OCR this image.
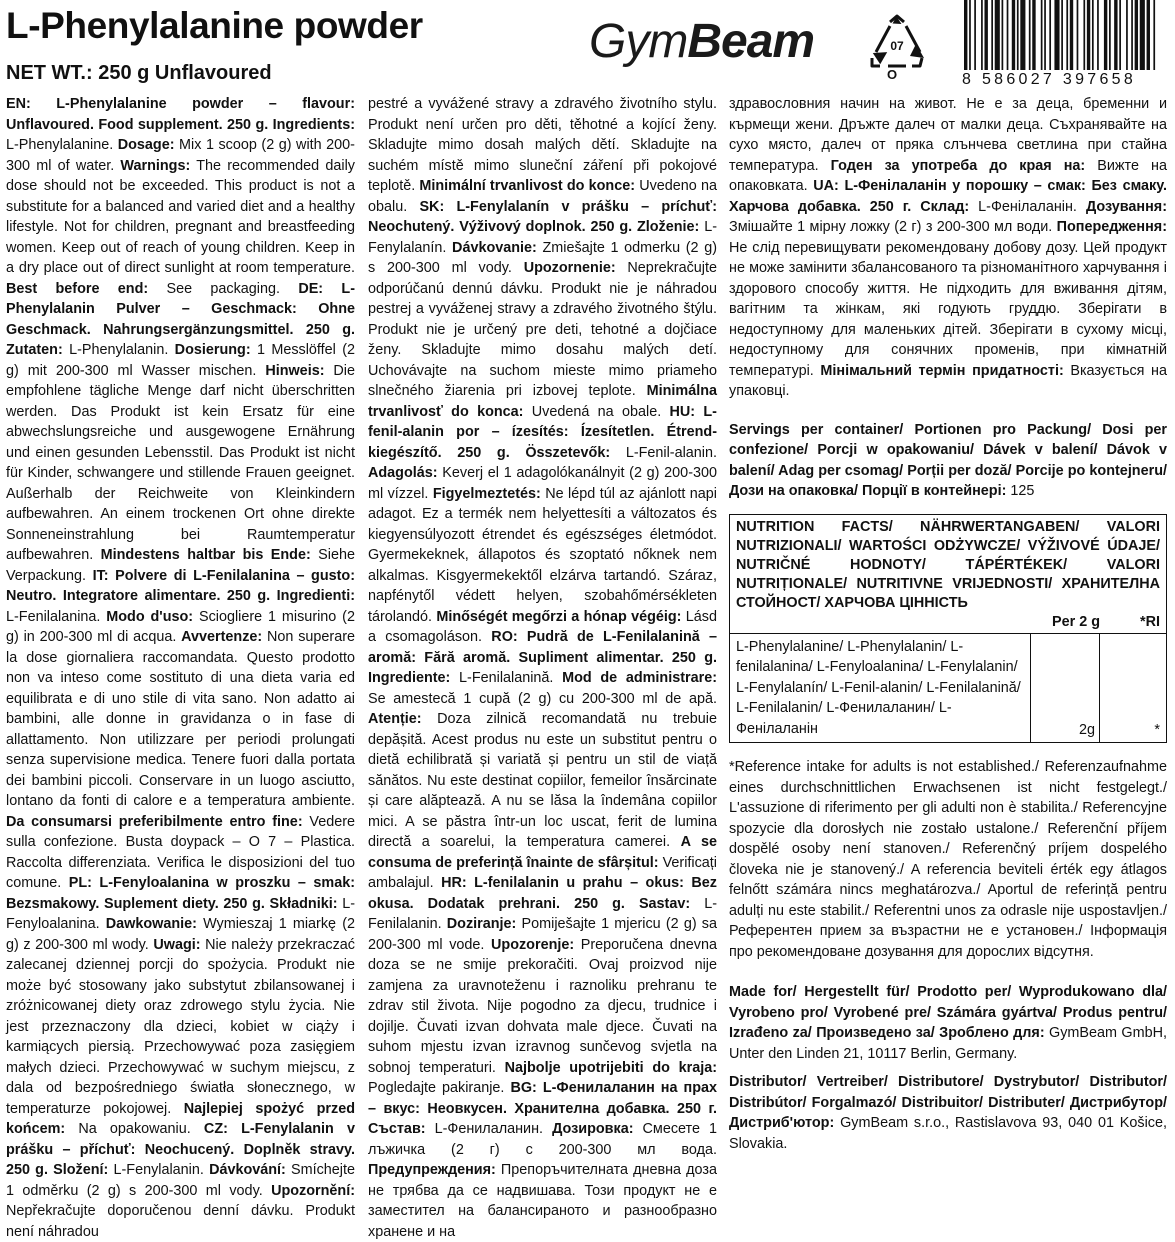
L-Phenylalanine powder
NET WT.: 250 g Unflavoured
GymBeam	07
O	8 586027 397658

EN: L-Phenylalanine powder – flavour: Unflavoured. Food supplement. 250 g. Ingredients: L-Phenylalanine. Dosage: Mix 1 scoop (2 g) with 200-300 ml of water. Warnings: The recommended daily dose should not be exceeded. This product is not a substitute for a balanced and varied diet and a healthy lifestyle. Not for children, pregnant and breastfeeding women. Keep out of reach of young children. Keep in a dry place out of direct sunlight at room temperature. Best before end: See packaging. DE: L-Phenylalanin Pulver – Geschmack: Ohne Geschmack. Nahrungsergänzungsmittel. 250 g. Zutaten: L-Phenylalanin. Dosierung: 1 Messlöffel (2 g) mit 200-300 ml Wasser mischen. Hinweis: Die empfohlene tägliche Menge darf nicht überschritten werden. Das Produkt ist kein Ersatz für eine abwechslungsreiche und ausgewogene Ernährung und einen gesunden Lebensstil. Das Produkt ist nicht für Kinder, schwangere und stillende Frauen geeignet. Außerhalb der Reichweite von Kleinkindern aufbewahren. An einem trockenen Ort ohne direkte Sonneneinstrahlung bei Raumtemperatur aufbewahren. Mindestens haltbar bis Ende: Siehe Verpackung. IT: Polvere di L-Fenilalanina – gusto: Neutro. Integratore alimentare. 250 g. Ingredienti: L-Fenilalanina. Modo d'uso: Sciogliere 1 misurino (2 g) in 200-300 ml di acqua. Avvertenze: Non superare la dose giornaliera raccomandata. Questo prodotto non va inteso come sostituto di una dieta varia ed equilibrata e di uno stile di vita sano. Non adatto ai bambini, alle donne in gravidanza o in fase di allattamento. Non utilizzare per periodi prolungati senza supervisione medica. Tenere fuori dalla portata dei bambini piccoli. Conservare in un luogo asciutto, lontano da fonti di calore e a temperatura ambiente. Da consumarsi preferibilmente entro fine: Vedere sulla confezione. Busta doypack – O 7 – Plastica. Raccolta differenziata. Verifica le disposizioni del tuo comune. PL: L-Fenyloalanina w proszku – smak: Bezsmakowy. Suplement diety. 250 g. Składniki: L-Fenyloalanina. Dawkowanie: Wymieszaj 1 miarkę (2 g) z 200-300 ml wody. Uwagi: Nie należy przekraczać zalecanej dziennej porcji do spożycia. Produkt nie może być stosowany jako substytut zbilansowanej i zróżnicowanej diety oraz zdrowego stylu życia. Nie jest przeznaczony dla dzieci, kobiet w ciąży i karmiących piersią. Przechowywać poza zasięgiem małych dzieci. Przechowywać w suchym miejscu, z dala od bezpośredniego światła słonecznego, w temperaturze pokojowej. Najlepiej spożyć przed końcem: Na opakowaniu. CZ: L-Fenylalanin v prášku – příchuť: Neochucený. Doplněk stravy. 250 g. Složení: L-Fenylalanin. Dávkování: Smíchejte 1 odměrku (2 g) s 200-300 ml vody. Upozornění: Nepřekračujte doporučenou denní dávku. Produkt není náhradou

pestré a vyvážené stravy a zdravého životního stylu. Produkt není určen pro děti, těhotné a kojící ženy. Skladujte mimo dosah malých dětí. Skladujte na suchém místě mimo sluneční záření při pokojové teplotě. Minimální trvanlivost do konce: Uvedeno na obalu. SK: L-Fenylalanín v prášku – príchuť: Neochutený. Výživový doplnok. 250 g. Zloženie: L-Fenylalanín. Dávkovanie: Zmiešajte 1 odmerku (2 g) s 200-300 ml vody. Upozornenie: Neprekračujte odporúčanú dennú dávku. Produkt nie je náhradou pestrej a vyváženej stravy a zdravého životného štýlu. Produkt nie je určený pre deti, tehotné a dojčiace ženy. Skladujte mimo dosahu malých detí. Uchovávajte na suchom mieste mimo priameho slnečného žiarenia pri izbovej teplote. Minimálna trvanlivosť do konca: Uvedená na obale. HU: L-fenil-alanin por – ízesítés: Ízesítetlen. Étrend-kiegészítő. 250 g. Összetevők: L-Fenil-alanin. Adagolás: Keverj el 1 adagolókanálnyit (2 g) 200-300 ml vízzel. Figyelmeztetés: Ne lépd túl az ajánlott napi adagot. Ez a termék nem helyettesíti a változatos és kiegyensúlyozott étrendet és egészséges életmódot. Gyermekeknek, állapotos és szoptató nőknek nem alkalmas. Kisgyermekektől elzárva tartandó. Száraz, napfénytől védett helyen, szobahőmérsékleten tárolandó. Minőségét megőrzi a hónap végéig: Lásd a csomagoláson. RO: Pudră de L-Fenilalanină – aromă: Fără aromă. Supliment alimentar. 250 g. Ingrediente: L-Fenilalanină. Mod de administrare: Se amestecă 1 cupă (2 g) cu 200-300 ml de apă. Atenție: Doza zilnică recomandată nu trebuie depășită. Acest produs nu este un substitut pentru o dietă echilibrată și variată și pentru un stil de viață sănătos. Nu este destinat copiilor, femeilor însărcinate și care alăptează. A nu se lăsa la îndemâna copiilor mici. A se păstra într-un loc uscat, ferit de lumina directă a soarelui, la temperatura camerei. A se consuma de preferință înainte de sfârșitul: Verificați ambalajul. HR: L-fenilalanin u prahu – okus: Bez okusa. Dodatak prehrani. 250 g. Sastav: L-Fenilalanin. Doziranje: Pomiješajte 1 mjericu (2 g) sa 200-300 ml vode. Upozorenje: Preporučena dnevna doza se ne smije prekoračiti. Ovaj proizvod nije zamjena za uravnoteženu i raznoliku prehranu te zdrav stil života. Nije pogodno za djecu, trudnice i dojilje. Čuvati izvan dohvata male djece. Čuvati na suhom mjestu izvan izravnog sunčevog svjetla na sobnoj temperaturi. Najbolje upotrijebiti do kraja: Pogledajte pakiranje. BG: L-Фенилаланин на прах – вкус: Неовкусен. Хранителна добавка. 250 г. Състав: L-Фенилаланин. Дозировка: Смесете 1 лъжичка (2 г) с 200-300 мл вода. Предупреждения: Препоръчителната дневна доза не трябва да се надвишава. Този продукт не е заместител на балансираното и разнообразно хранене и на

здравословния начин на живот. Не е за деца, бременни и кърмещи жени. Дръжте далеч от малки деца. Съхранявайте на сухо място, далеч от пряка слънчева светлина при стайна температура. Годен за употреба до края на: Вижте на опаковката. UA: L-Фенілаланін у порошку – смак: Без смаку. Харчова добавка. 250 г. Склад: L-Фенілаланін. Дозування: Змішайте 1 мірну ложку (2 г) з 200-300 мл води. Попередження: Не слід перевищувати рекомендовану добову дозу. Цей продукт не може замінити збалансованого та різноманітного харчування і здорового способу життя. Не підходить для вживання дітям, вагітним та жінкам, які годують груддю. Зберігати в недоступному для маленьких дітей. Зберігати в сухому місці, недоступному для сонячних променів, при кімнатній температурі. Мінімальний термін придатності: Вказується на упаковці.

Servings per container/ Portionen pro Packung/ Dosi per confezione/ Porcji w opakowaniu/ Dávek v balení/ Dávok v balení/ Adag per csomag/ Porții per doză/ Porcije po kontejneru/ Дози на опаковка/ Порції в контейнері: 125

NUTRITION FACTS/ NÄHRWERTANGABEN/ VALORI NUTRIZIONALI/ WARTOŚCI ODŻYWCZE/ VÝŽIVOVÉ ÚDAJE/ NUTRIČNÉ HODNOTY/ TÁPÉRTÉKEK/ VALORI NUTRIȚIONALE/ NUTRITIVNE VRIJEDNOSTI/ ХРАНИТЕЛНА СТОЙНОСТ/ ХАРЧОВА ЦІННІСТЬ
Per 2 g	*RI
L-Phenylalanine/ L-Phenylalanin/ L-fenilalanina/ L-Fenyloalanina/ L-Fenylalanin/ L-Fenylalanín/ L-Fenil-alanin/ L-Fenilalanină/ L-Fenilalanin/ L-Фенилаланин/ L-Фенілаланін	2g	*

*Reference intake for adults is not established./ Referenzaufnahme eines durchschnittlichen Erwachsenen ist nicht festgelegt./ L'assuzione di riferimento per gli adulti non è stabilita./ Referencyjne spozycie dla dorosłych nie zostało ustalone./ Referenční příjem dospělé osoby není stanoven./ Referenčný príjem dospelého človeka nie je stanovený./ A referencia beviteli érték egy átlagos felnőtt számára nincs meghatározva./ Aportul de referință pentru adulți nu este stabilit./ Referentni unos za odrasle nije uspostavljen./ Референтен прием за възрастни не е установен./ Інформація про рекомендоване дозування для дорослих відсутня.

Made for/ Hergestellt für/ Prodotto per/ Wyprodukowano dla/ Vyrobeno pro/ Vyrobené pre/ Számára gyártva/ Produs pentru/ Izrađeno za/ Произведено за/ Зроблено для: GymBeam GmbH, Unter den Linden 21, 10117 Berlin, Germany.

Distributor/ Vertreiber/ Distributore/ Dystrybutor/ Distributor/ Distribútor/ Forgalmazó/ Distribuitor/ Distributer/ Дистрибутор/ Дистриб'ютор: GymBeam s.r.o., Rastislavova 93, 040 01 Košice, Slovakia.
